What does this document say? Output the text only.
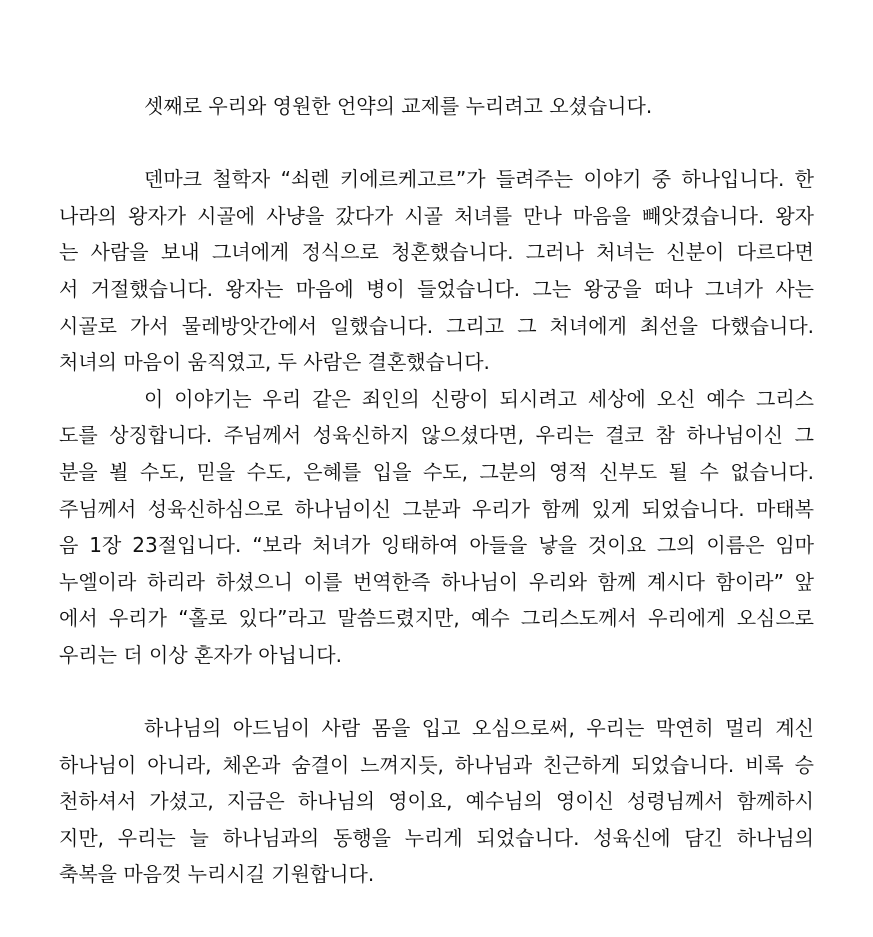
셋째로 우리와 영원한 언약의 교제를 누리려고 오셨습니다.
덴마크 철학자 “쇠렌 키에르케고르”가 들려주는 이야기 중 하나입니다. 한
나라의 왕자가 시골에 사냥을 갔다가 시골 처녀를 만나 마음을 빼앗겼습니다. 왕자
는 사람을 보내 그녀에게 정식으로 청혼했습니다. 그러나 처녀는 신분이 다르다면
서 거절했습니다. 왕자는 마음에 병이 들었습니다. 그는 왕궁을 떠나 그녀가 사는
시골로 가서 물레방앗간에서 일했습니다. 그리고 그 처녀에게 최선을 다했습니다.
처녀의 마음이 움직였고, 두 사람은 결혼했습니다.
이 이야기는 우리 같은 죄인의 신랑이 되시려고 세상에 오신 예수 그리스
도를 상징합니다. 주님께서 성육신하지 않으셨다면, 우리는 결코 참 하나님이신 그
분을 뵐 수도, 믿을 수도, 은혜를 입을 수도, 그분의 영적 신부도 될 수 없습니다.
주님께서 성육신하심으로 하나님이신 그분과 우리가 함께 있게 되었습니다. 마태복
음 1장 23절입니다. “보라 처녀가 잉태하여 아들을 낳을 것이요 그의 이름은 임마
누엘이라 하리라 하셨으니 이를 번역한즉 하나님이 우리와 함께 계시다 함이라” 앞
에서 우리가 “홀로 있다”라고 말씀드렸지만, 예수 그리스도께서 우리에게 오심으로
우리는 더 이상 혼자가 아닙니다.
하나님의 아드님이 사람 몸을 입고 오심으로써, 우리는 막연히 멀리 계신
하나님이 아니라, 체온과 숨결이 느껴지듯, 하나님과 친근하게 되었습니다. 비록 승
천하셔서 가셨고, 지금은 하나님의 영이요, 예수님의 영이신 성령님께서 함께하시
지만, 우리는 늘 하나님과의 동행을 누리게 되었습니다. 성육신에 담긴 하나님의
축복을 마음껏 누리시길 기원합니다.
